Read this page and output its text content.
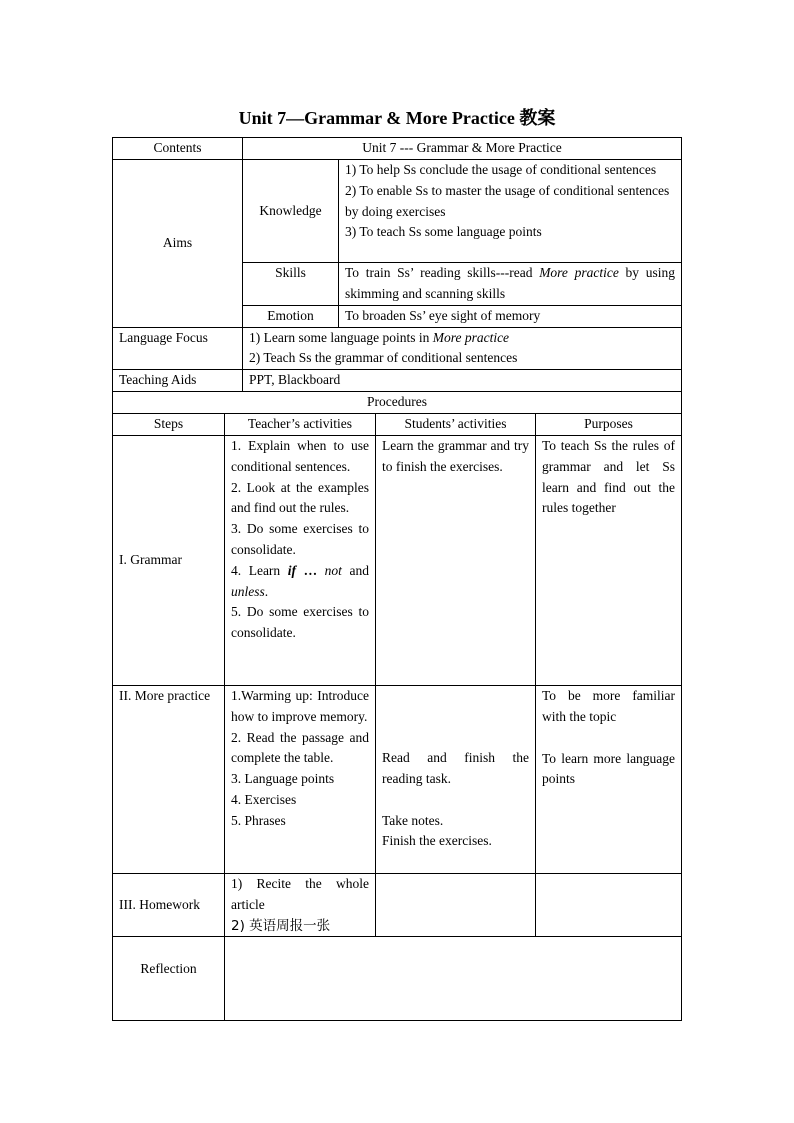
Unit 7—Grammar & More Practice 教案
Contents	Unit 7 --- Grammar & More Practice	
Aims	Knowledge	1) To help Ss conclude the usage of conditional sentences
2) To enable Ss to master the usage of conditional sentences by doing exercises
3) To teach Ss some language points

	Skills	To train Ss’ reading skills---read More practice by using skimming and scanning skills
	Emotion	To broaden Ss’ eye sight of memory
Language Focus	1) Learn some language points in More practice
2) Teach Ss the grammar of conditional sentences	

Teaching Aids	PPT, Blackboard	
Procedures			
Steps	Teacher’s activities	Students’ activities	Purposes
I. Grammar	1. Explain when to use conditional sentences.
2. Look at the examples and find out the rules.
3. Do some exercises to consolidate.
4. Learn if … not and unless.
5. Do some exercises to consolidate.	Learn the grammar and try to finish the exercises.	To teach Ss the rules of grammar and let Ss learn and find out the rules together
II. More practice	1.Warming up: Introduce how to improve memory.
2. Read the passage and complete the table.
3. Language points
4. Exercises
5. Phrases	Read and finish the reading task.
Take notes.
Finish the exercises.	To be more familiar with the topic
To learn more language points

III. Homework	1) Recite the whole article
2) 英语周报一张		

Reflection			
